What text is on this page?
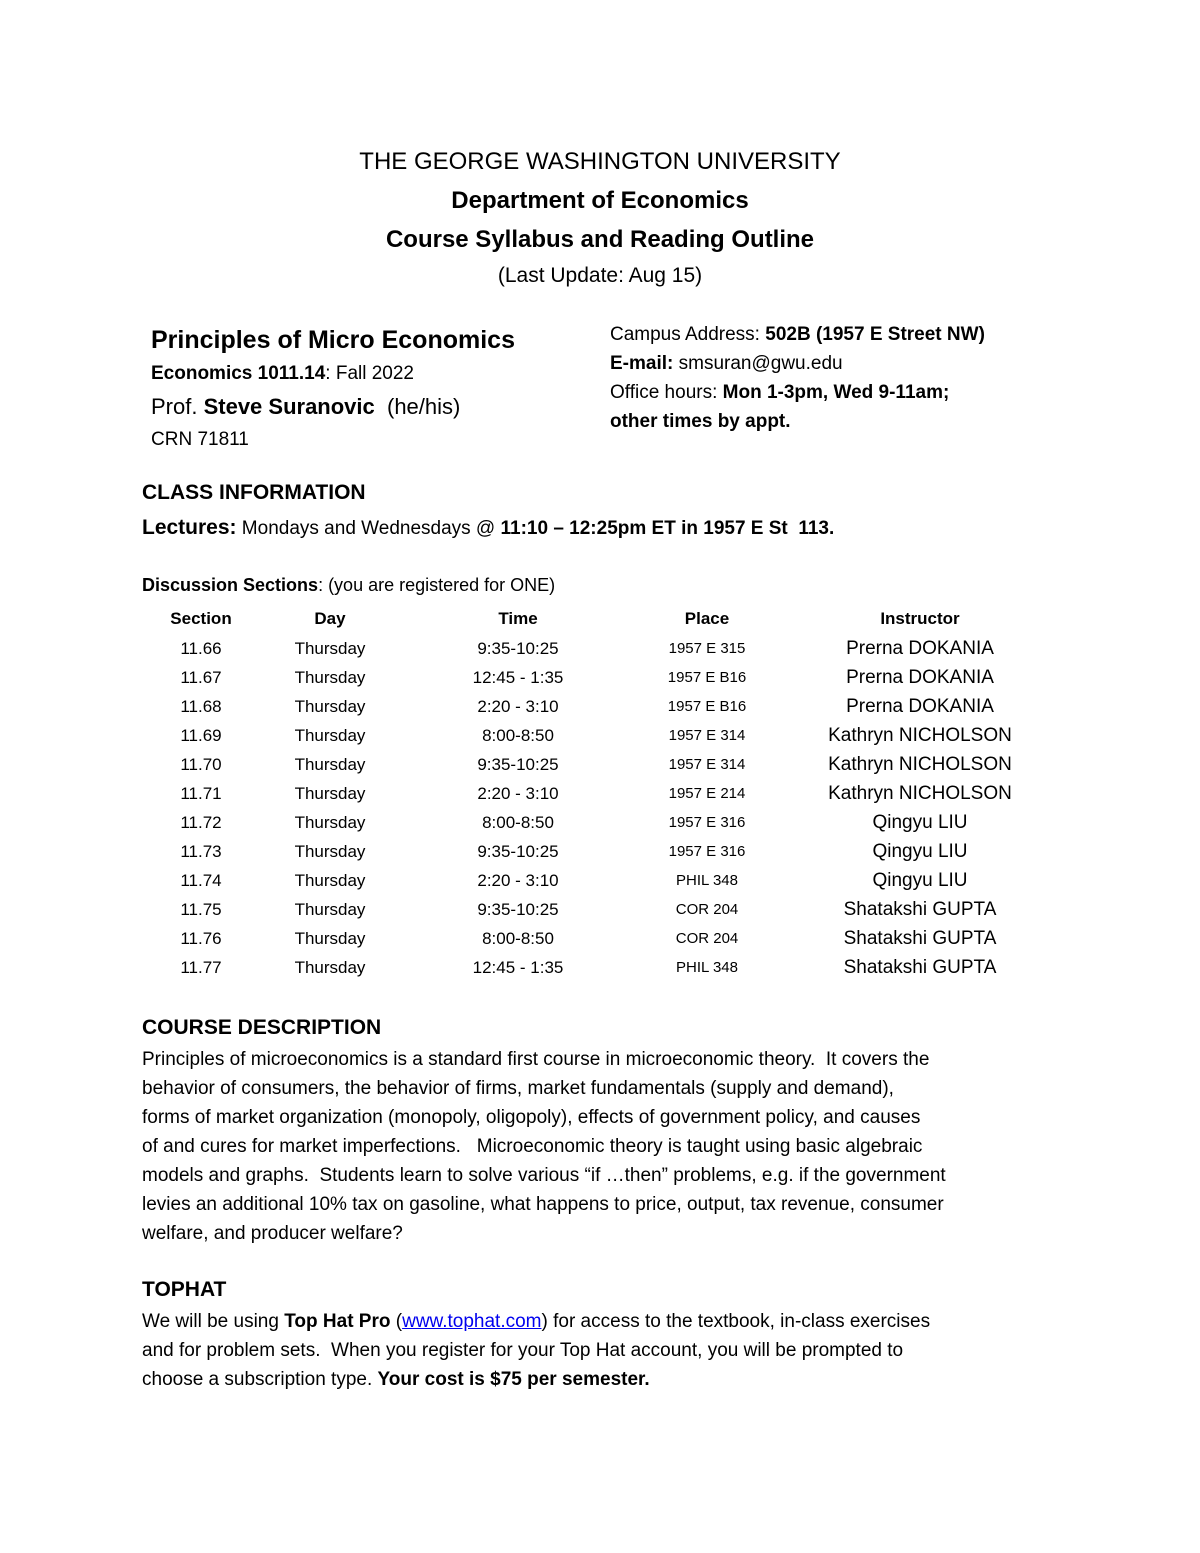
THE GEORGE WASHINGTON UNIVERSITY
Department of Economics
Course Syllabus and Reading Outline
(Last Update: Aug 15)
Principles of Micro Economics
Economics 1011.14: Fall 2022
Prof. Steve Suranovic  (he/his)
CRN 71811
Campus Address: 502B (1957 E Street NW)
E-mail: smsuran@gwu.edu
Office hours: Mon 1-3pm, Wed 9-11am;
other times by appt.
CLASS INFORMATION
Lectures: Mondays and Wednesdays @ 11:10 – 12:25pm ET in 1957 E St  113.
Discussion Sections: (you are registered for ONE)
Section	Day	Time	Place	Instructor
11.66	Thursday	9:35-10:25	1957 E 315	Prerna DOKANIA
11.67	Thursday	12:45 - 1:35	1957 E B16	Prerna DOKANIA
11.68	Thursday	2:20 - 3:10	1957 E B16	Prerna DOKANIA
11.69	Thursday	8:00-8:50	1957 E 314	Kathryn NICHOLSON
11.70	Thursday	9:35-10:25	1957 E 314	Kathryn NICHOLSON
11.71	Thursday	2:20 - 3:10	1957 E 214	Kathryn NICHOLSON
11.72	Thursday	8:00-8:50	1957 E 316	Qingyu LIU
11.73	Thursday	9:35-10:25	1957 E 316	Qingyu LIU
11.74	Thursday	2:20 - 3:10	PHIL 348	Qingyu LIU
11.75	Thursday	9:35-10:25	COR 204	Shatakshi GUPTA
11.76	Thursday	8:00-8:50	COR 204	Shatakshi GUPTA
11.77	Thursday	12:45 - 1:35	PHIL 348	Shatakshi GUPTA
COURSE DESCRIPTION
Principles of microeconomics is a standard first course in microeconomic theory.  It covers the
behavior of consumers, the behavior of firms, market fundamentals (supply and demand),
forms of market organization (monopoly, oligopoly), effects of government policy, and causes
of and cures for market imperfections.   Microeconomic theory is taught using basic algebraic
models and graphs.  Students learn to solve various “if …then” problems, e.g. if the government
levies an additional 10% tax on gasoline, what happens to price, output, tax revenue, consumer
welfare, and producer welfare?
TOPHAT
We will be using Top Hat Pro (www.tophat.com) for access to the textbook, in-class exercises
and for problem sets.  When you register for your Top Hat account, you will be prompted to
choose a subscription type. Your cost is $75 per semester.
